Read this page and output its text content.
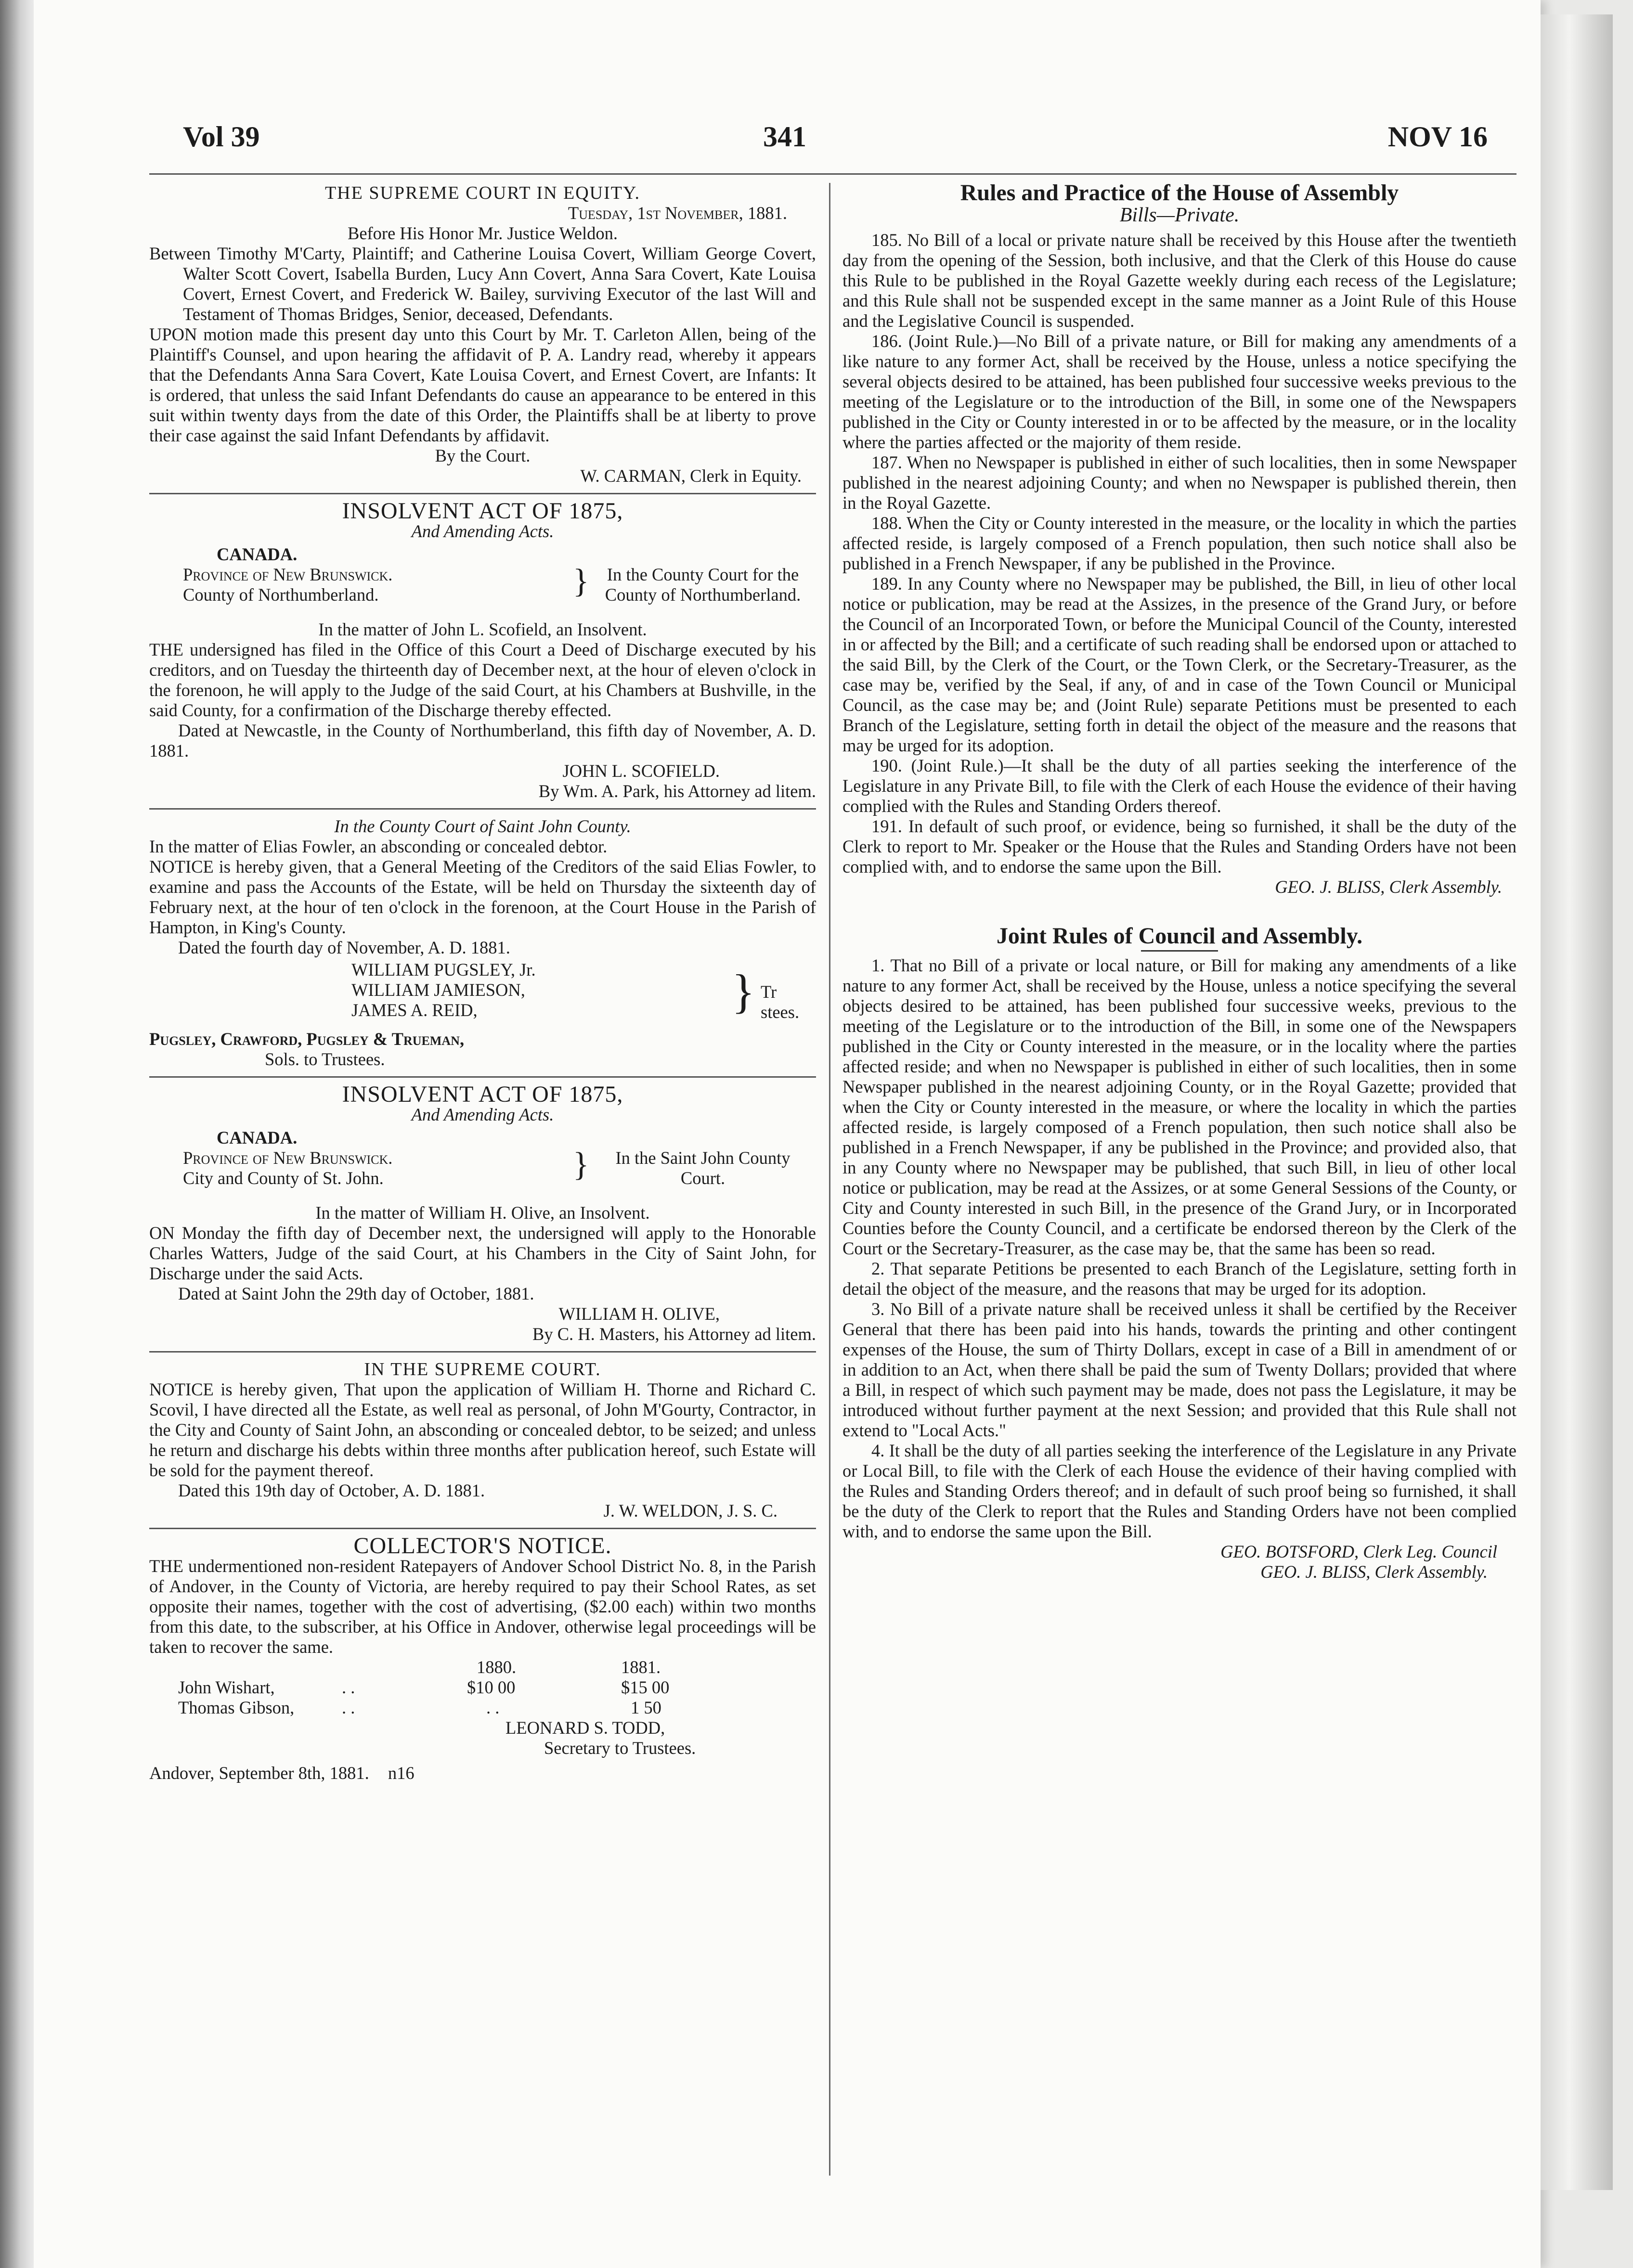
Vol 39	341	NOV 16

THE SUPREME COURT IN EQUITY.

Tuesday, 1st November, 1881.

Before His Honor Mr. Justice Weldon.

Between Timothy M'Carty, Plaintiff; and Catherine Louisa Covert, William George Covert, Walter Scott Covert, Isabella Burden, Lucy Ann Covert, Anna Sara Covert, Kate Louisa Covert, Ernest Covert, and Frederick W. Bailey, surviving Executor of the last Will and Testament of Thomas Bridges, Senior, deceased, Defendants.

UPON motion made this present day unto this Court by Mr. T. Carleton Allen, being of the Plaintiff's Counsel, and upon hearing the affidavit of P. A. Landry read, whereby it appears that the Defendants Anna Sara Covert, Kate Louisa Covert, and Ernest Covert, are Infants: It is ordered, that unless the said Infant Defendants do cause an appearance to be entered in this suit within twenty days from the date of this Order, the Plaintiffs shall be at liberty to prove their case against the said Infant Defendants by affidavit.

By the Court.

W. CARMAN, Clerk in Equity.

INSOLVENT ACT OF 1875,

And Amending Acts.

CANADA.
Province of New Brunswick.
County of Northumberland.	}	In the County Court for the County of Northumberland.

In the matter of John L. Scofield, an Insolvent.

THE undersigned has filed in the Office of this Court a Deed of Discharge executed by his creditors, and on Tuesday the thirteenth day of December next, at the hour of eleven o'clock in the forenoon, he will apply to the Judge of the said Court, at his Chambers at Bushville, in the said County, for a confirmation of the Discharge thereby effected.

Dated at Newcastle, in the County of Northumberland, this fifth day of November, A. D. 1881.

JOHN L. SCOFIELD.

By Wm. A. Park, his Attorney ad litem.

In the County Court of Saint John County.

In the matter of Elias Fowler, an absconding or concealed debtor.

NOTICE is hereby given, that a General Meeting of the Creditors of the said Elias Fowler, to examine and pass the Accounts of the Estate, will be held on Thursday the sixteenth day of February next, at the hour of ten o'clock in the forenoon, at the Court House in the Parish of Hampton, in King's County.

Dated the fourth day of November, A. D. 1881.

WILLIAM PUGSLEY, Jr.
WILLIAM JAMIESON,
JAMES A. REID,	} Tr stees.

Pugsley, Crawford, Pugsley & Trueman,

Sols. to Trustees.

INSOLVENT ACT OF 1875,

And Amending Acts.

CANADA.
Province of New Brunswick.
City and County of St. John.	}	In the Saint John County Court.

In the matter of William H. Olive, an Insolvent.

ON Monday the fifth day of December next, the undersigned will apply to the Honorable Charles Watters, Judge of the said Court, at his Chambers in the City of Saint John, for Discharge under the said Acts.

Dated at Saint John the 29th day of October, 1881.

WILLIAM H. OLIVE,

By C. H. Masters, his Attorney ad litem.

IN THE SUPREME COURT.

NOTICE is hereby given, That upon the application of William H. Thorne and Richard C. Scovil, I have directed all the Estate, as well real as personal, of John M'Gourty, Contractor, in the City and County of Saint John, an absconding or concealed debtor, to be seized; and unless he return and discharge his debts within three months after publication hereof, such Estate will be sold for the payment thereof.

Dated this 19th day of October, A. D. 1881.

J. W. WELDON, J. S. C.

COLLECTOR'S NOTICE.

THE undermentioned non-resident Ratepayers of Andover School District No. 8, in the Parish of Andover, in the County of Victoria, are hereby required to pay their School Rates, as set opposite their names, together with the cost of advertising, ($2.00 each) within two months from this date, to the subscriber, at his Office in Andover, otherwise legal proceedings will be taken to recover the same.

1880.	1881.
John Wishart,	. .	$10 00	$15 00
Thomas Gibson,	. .	. .	1 50
LEONARD S. TODD,
Secretary to Trustees.

Andover, September 8th, 1881. n16

Rules and Practice of the House of Assembly

Bills—Private.

185. No Bill of a local or private nature shall be received by this House after the twentieth day from the opening of the Session, both inclusive, and that the Clerk of this House do cause this Rule to be published in the Royal Gazette weekly during each recess of the Legislature; and this Rule shall not be suspended except in the same manner as a Joint Rule of this House and the Legislative Council is suspended.

186. (Joint Rule.)—No Bill of a private nature, or Bill for making any amendments of a like nature to any former Act, shall be received by the House, unless a notice specifying the several objects desired to be attained, has been published four successive weeks previous to the meeting of the Legislature or to the introduction of the Bill, in some one of the Newspapers published in the City or County interested in or to be affected by the measure, or in the locality where the parties affected or the majority of them reside.

187. When no Newspaper is published in either of such localities, then in some Newspaper published in the nearest adjoining County; and when no Newspaper is published therein, then in the Royal Gazette.

188. When the City or County interested in the measure, or the locality in which the parties affected reside, is largely composed of a French population, then such notice shall also be published in a French Newspaper, if any be published in the Province.

189. In any County where no Newspaper may be published, the Bill, in lieu of other local notice or publication, may be read at the Assizes, in the presence of the Grand Jury, or before the Council of an Incorporated Town, or before the Municipal Council of the County, interested in or affected by the Bill; and a certificate of such reading shall be endorsed upon or attached to the said Bill, by the Clerk of the Court, or the Town Clerk, or the Secretary-Treasurer, as the case may be, verified by the Seal, if any, of and in case of the Town Council or Municipal Council, as the case may be; and (Joint Rule) separate Petitions must be presented to each Branch of the Legislature, setting forth in detail the object of the measure and the reasons that may be urged for its adoption.

190. (Joint Rule.)—It shall be the duty of all parties seeking the interference of the Legislature in any Private Bill, to file with the Clerk of each House the evidence of their having complied with the Rules and Standing Orders thereof.

191. In default of such proof, or evidence, being so furnished, it shall be the duty of the Clerk to report to Mr. Speaker or the House that the Rules and Standing Orders have not been complied with, and to endorse the same upon the Bill.

GEO. J. BLISS, Clerk Assembly.

Joint Rules of Council and Assembly.

1. That no Bill of a private or local nature, or Bill for making any amendments of a like nature to any former Act, shall be received by the House, unless a notice specifying the several objects desired to be attained, has been published four successive weeks, previous to the meeting of the Legislature or to the introduction of the Bill, in some one of the Newspapers published in the City or County interested in the measure, or in the locality where the parties affected reside; and when no Newspaper is published in either of such localities, then in some Newspaper published in the nearest adjoining County, or in the Royal Gazette; provided that when the City or County interested in the measure, or where the locality in which the parties affected reside, is largely composed of a French population, then such notice shall also be published in a French Newspaper, if any be published in the Province; and provided also, that in any County where no Newspaper may be published, that such Bill, in lieu of other local notice or publication, may be read at the Assizes, or at some General Sessions of the County, or City and County interested in such Bill, in the presence of the Grand Jury, or in Incorporated Counties before the County Council, and a certificate be endorsed thereon by the Clerk of the Court or the Secretary-Treasurer, as the case may be, that the same has been so read.

2. That separate Petitions be presented to each Branch of the Legislature, setting forth in detail the object of the measure, and the reasons that may be urged for its adoption.

3. No Bill of a private nature shall be received unless it shall be certified by the Receiver General that there has been paid into his hands, towards the printing and other contingent expenses of the House, the sum of Thirty Dollars, except in case of a Bill in amendment of or in addition to an Act, when there shall be paid the sum of Twenty Dollars; provided that where a Bill, in respect of which such payment may be made, does not pass the Legislature, it may be introduced without further payment at the next Session; and provided that this Rule shall not extend to "Local Acts."

4. It shall be the duty of all parties seeking the interference of the Legislature in any Private or Local Bill, to file with the Clerk of each House the evidence of their having complied with the Rules and Standing Orders thereof; and in default of such proof being so furnished, it shall be the duty of the Clerk to report that the Rules and Standing Orders have not been complied with, and to endorse the same upon the Bill.

GEO. BOTSFORD, Clerk Leg. Council

GEO. J. BLISS, Clerk Assembly.
